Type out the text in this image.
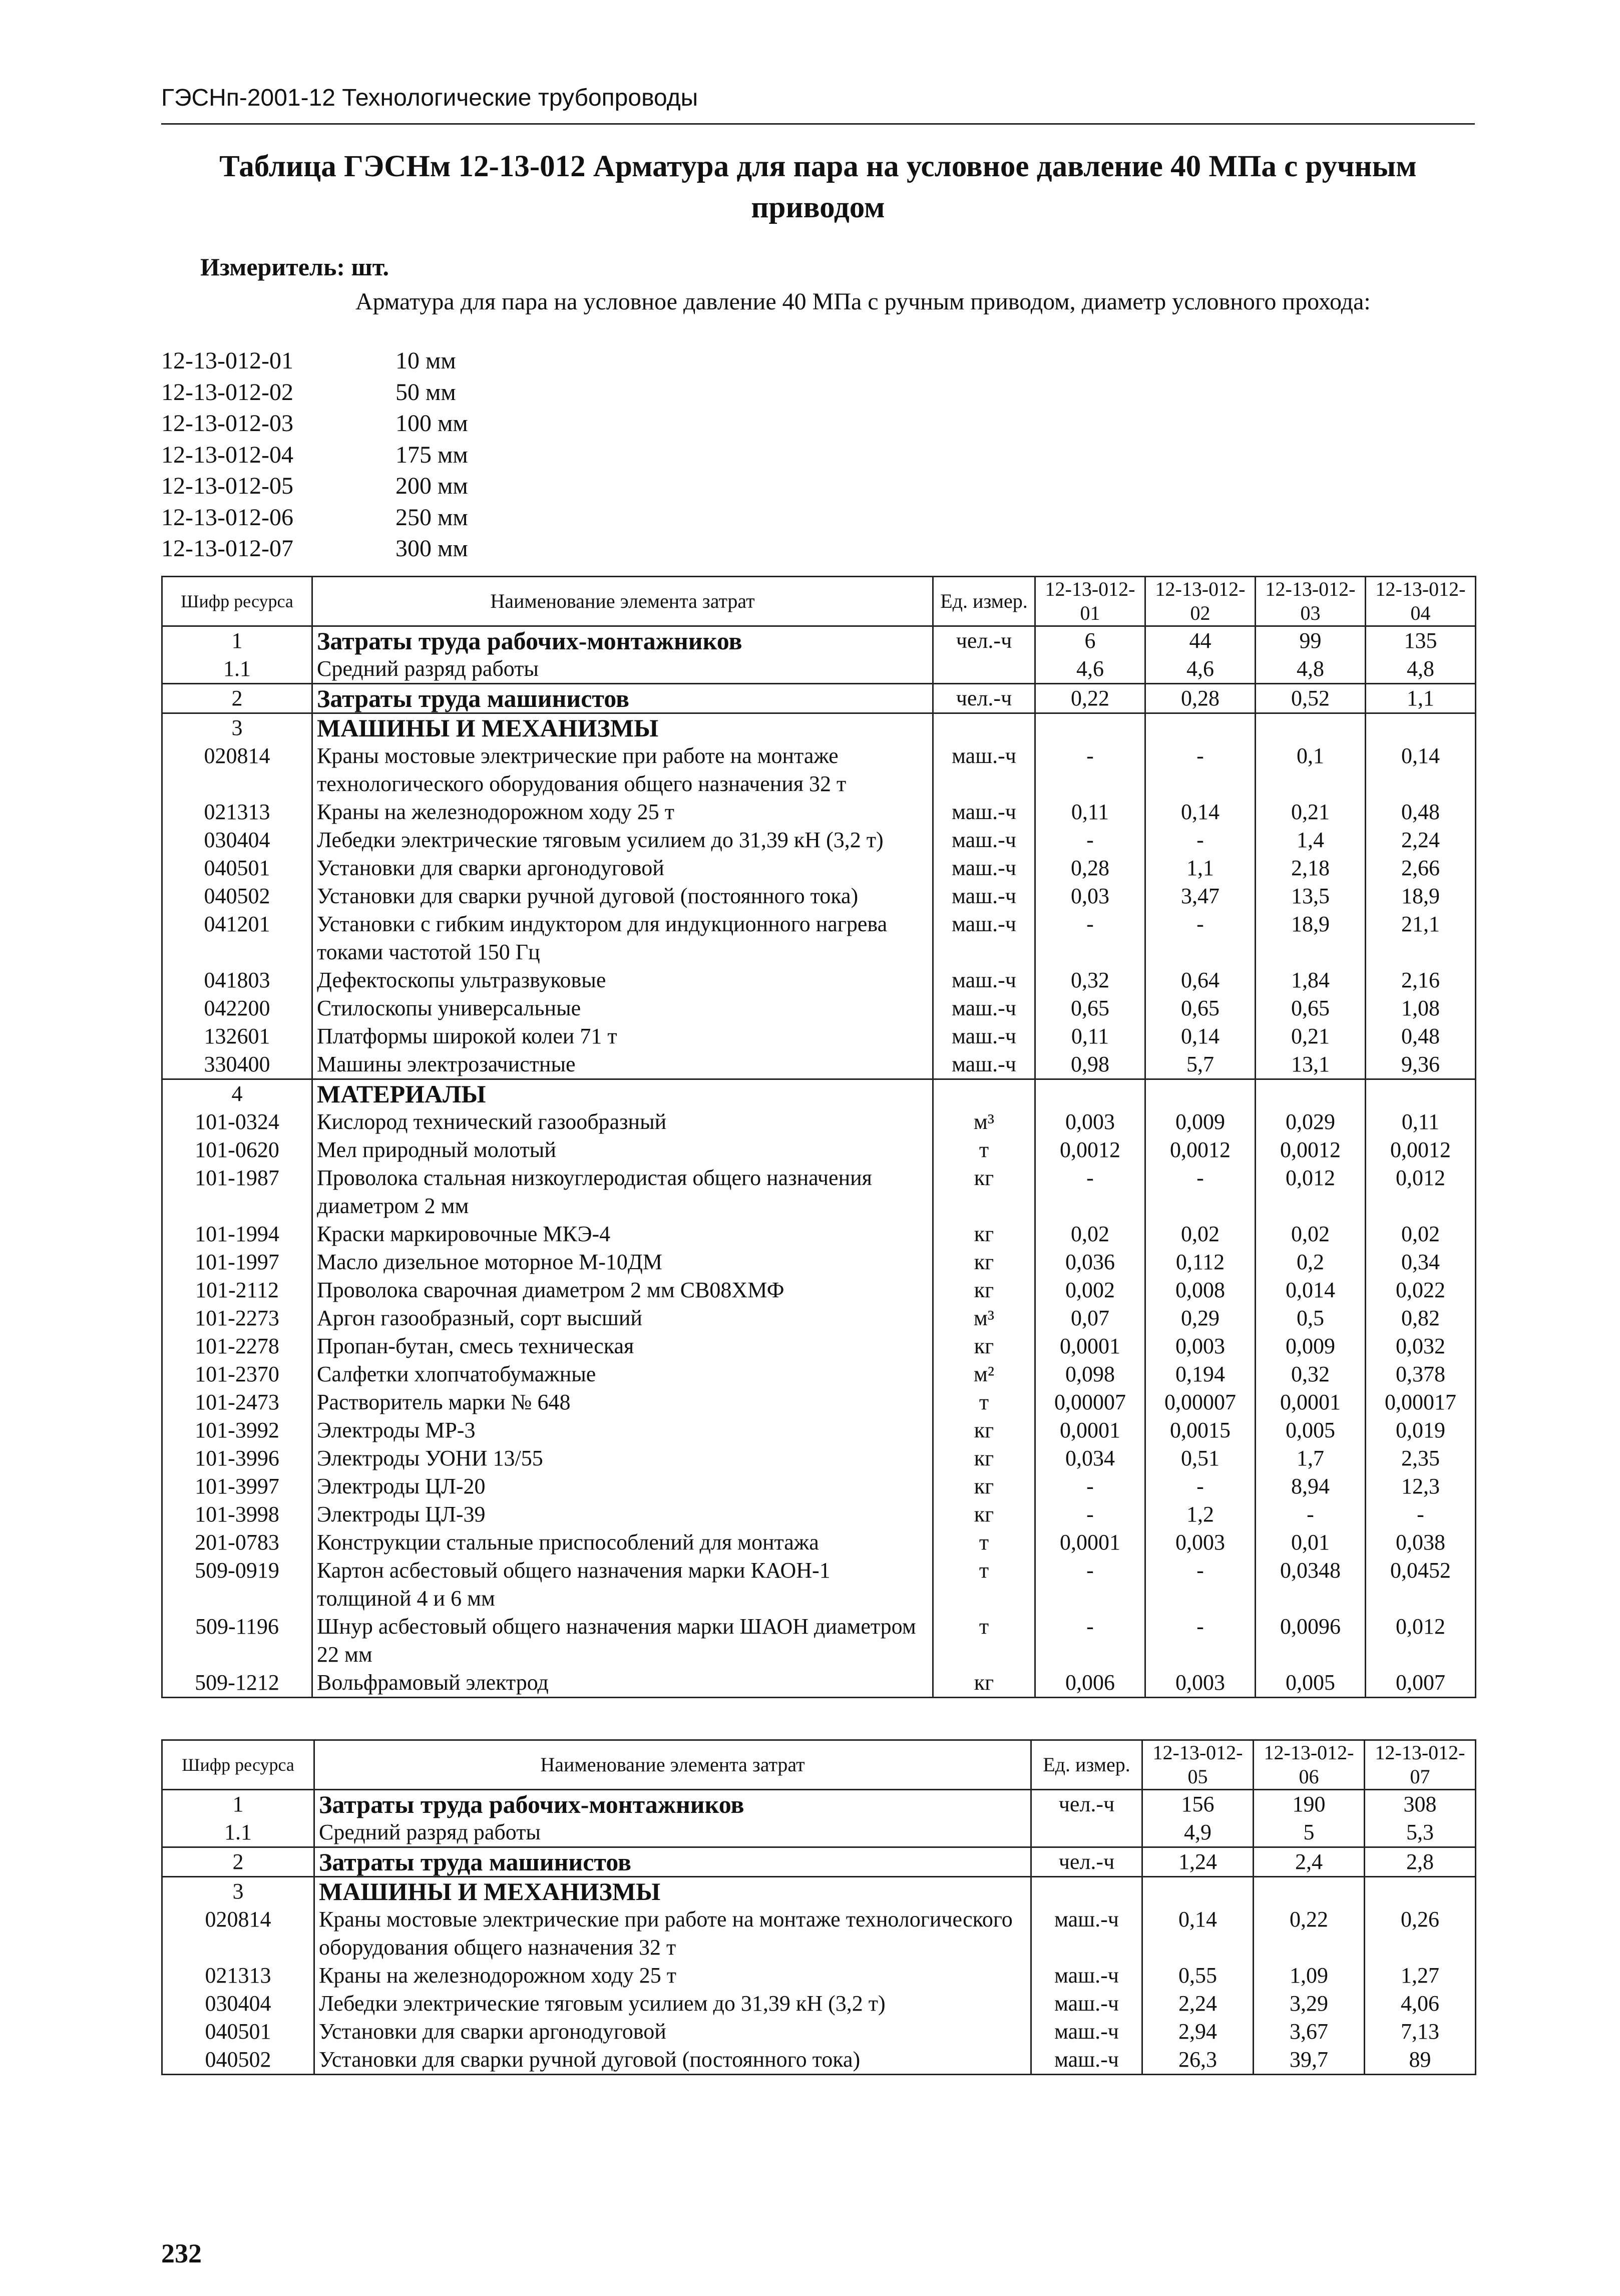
ГЭСНп-2001-12 Технологические трубопроводы
Таблица ГЭСНм 12-13-012 Арматура для пара на условное давление 40 МПа с ручным приводом
Измеритель: шт.
Арматура для пара на условное давление 40 МПа с ручным приводом, диаметр условного прохода:
12-13-012-01	10 мм
12-13-012-02	50 мм
12-13-012-03	100 мм
12-13-012-04	175 мм
12-13-012-05	200 мм
12-13-012-06	250 мм
12-13-012-07	300 мм
Шифр ресурса	Наименование элемента затрат	Ед. измер.	12-13-012-01	12-13-012-02	12-13-012-03	12-13-012-04
1	Затраты труда рабочих-монтажников	чел.-ч	6	44	99	135
1.1	Средний разряд работы		4,6	4,6	4,8	4,8
2	Затраты труда машинистов	чел.-ч	0,22	0,28	0,52	1,1
3	МАШИНЫ И МЕХАНИЗМЫ					
020814	Краны мостовые электрические при работе на монтаже технологического оборудования общего назначения 32 т	маш.-ч	-	-	0,1	0,14
021313	Краны на железнодорожном ходу 25 т	маш.-ч	0,11	0,14	0,21	0,48
030404	Лебедки электрические тяговым усилием до 31,39 кН (3,2 т)	маш.-ч	-	-	1,4	2,24
040501	Установки для сварки аргонодуговой	маш.-ч	0,28	1,1	2,18	2,66
040502	Установки для сварки ручной дуговой (постоянного тока)	маш.-ч	0,03	3,47	13,5	18,9
041201	Установки с гибким индуктором для индукционного нагрева токами частотой 150 Гц	маш.-ч	-	-	18,9	21,1
041803	Дефектоскопы ультразвуковые	маш.-ч	0,32	0,64	1,84	2,16
042200	Стилоскопы универсальные	маш.-ч	0,65	0,65	0,65	1,08
132601	Платформы широкой колеи 71 т	маш.-ч	0,11	0,14	0,21	0,48
330400	Машины электрозачистные	маш.-ч	0,98	5,7	13,1	9,36
4	МАТЕРИАЛЫ					
101-0324	Кислород технический газообразный	м³	0,003	0,009	0,029	0,11
101-0620	Мел природный молотый	т	0,0012	0,0012	0,0012	0,0012
101-1987	Проволока стальная низкоуглеродистая общего назначения диаметром 2 мм	кг	-	-	0,012	0,012
101-1994	Краски маркировочные МКЭ-4	кг	0,02	0,02	0,02	0,02
101-1997	Масло дизельное моторное М-10ДМ	кг	0,036	0,112	0,2	0,34
101-2112	Проволока сварочная диаметром 2 мм СВ08ХМФ	кг	0,002	0,008	0,014	0,022
101-2273	Аргон газообразный, сорт высший	м³	0,07	0,29	0,5	0,82
101-2278	Пропан-бутан, смесь техническая	кг	0,0001	0,003	0,009	0,032
101-2370	Салфетки хлопчатобумажные	м²	0,098	0,194	0,32	0,378
101-2473	Растворитель марки № 648	т	0,00007	0,00007	0,0001	0,00017
101-3992	Электроды МР-3	кг	0,0001	0,0015	0,005	0,019
101-3996	Электроды УОНИ 13/55	кг	0,034	0,51	1,7	2,35
101-3997	Электроды ЦЛ-20	кг	-	-	8,94	12,3
101-3998	Электроды ЦЛ-39	кг	-	1,2	-	-
201-0783	Конструкции стальные приспособлений для монтажа	т	0,0001	0,003	0,01	0,038
509-0919	Картон асбестовый общего назначения марки КАОН-1 толщиной 4 и 6 мм	т	-	-	0,0348	0,0452
509-1196	Шнур асбестовый общего назначения марки ШАОН диаметром 22 мм	т	-	-	0,0096	0,012
509-1212	Вольфрамовый электрод	кг	0,006	0,003	0,005	0,007
Шифр ресурса	Наименование элемента затрат	Ед. измер.	12-13-012-05	12-13-012-06	12-13-012-07
1	Затраты труда рабочих-монтажников	чел.-ч	156	190	308
1.1	Средний разряд работы		4,9	5	5,3
2	Затраты труда машинистов	чел.-ч	1,24	2,4	2,8
3	МАШИНЫ И МЕХАНИЗМЫ				
020814	Краны мостовые электрические при работе на монтаже технологического оборудования общего назначения 32 т	маш.-ч	0,14	0,22	0,26
021313	Краны на железнодорожном ходу 25 т	маш.-ч	0,55	1,09	1,27
030404	Лебедки электрические тяговым усилием до 31,39 кН (3,2 т)	маш.-ч	2,24	3,29	4,06
040501	Установки для сварки аргонодуговой	маш.-ч	2,94	3,67	7,13
040502	Установки для сварки ручной дуговой (постоянного тока)	маш.-ч	26,3	39,7	89
232
